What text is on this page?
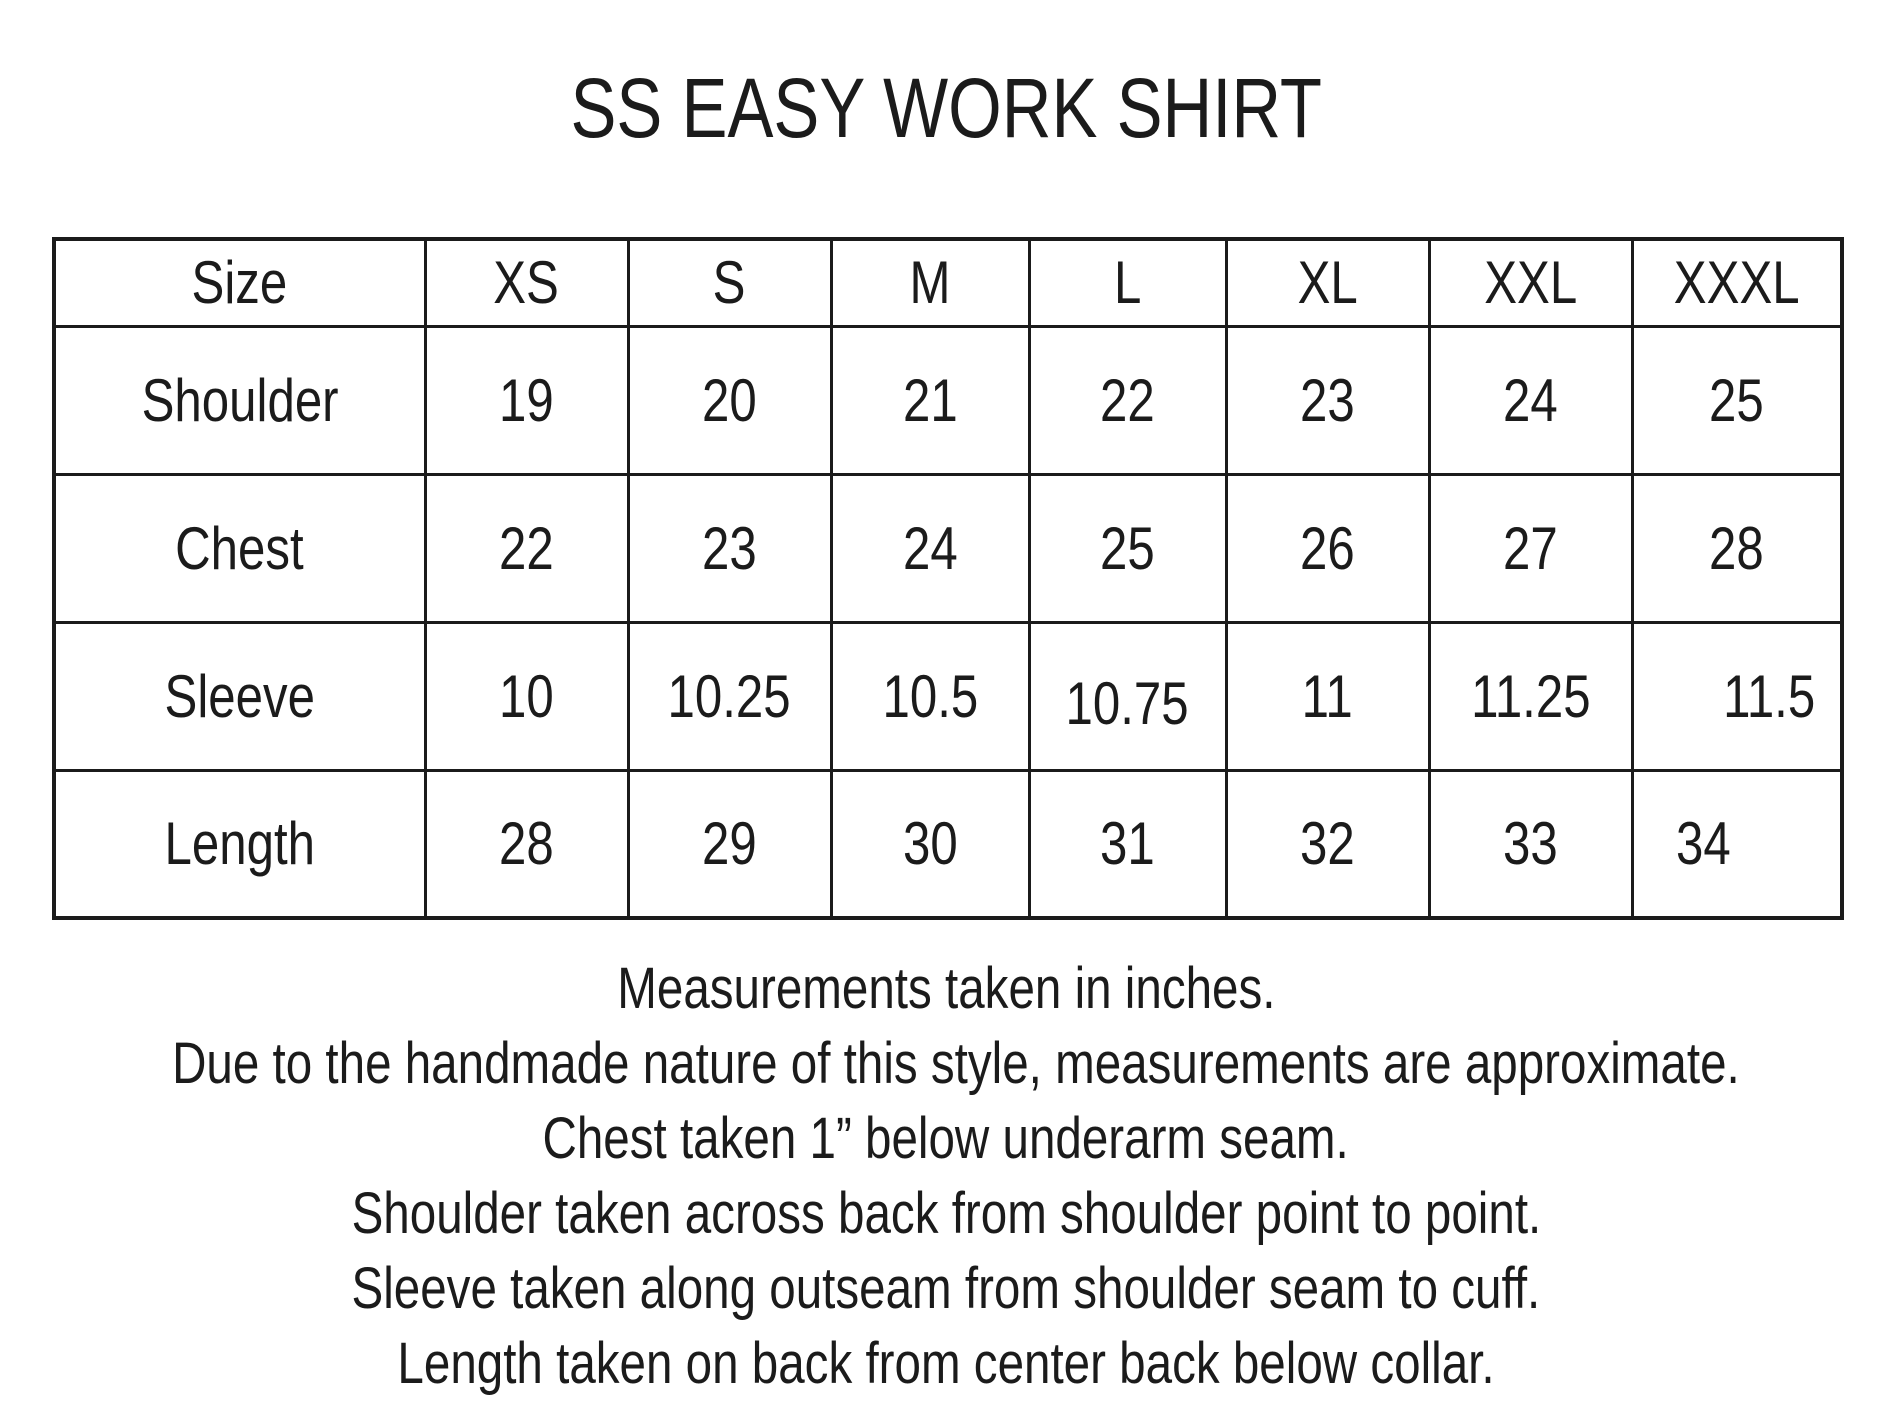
SS EASY WORK SHIRT
Size	XS	S	M	L	XL	XXL	XXXL
Shoulder	19	20	21	22	23	24	25
Chest	22	23	24	25	26	27	28
Sleeve	10	10.25	10.5	10.75	11	11.25	11.5
Length	28	29	30	31	32	33	34
Measurements taken in inches.
Due to the handmade nature of this style, measurements are approximate.
Chest taken 1” below underarm seam.
Shoulder taken across back from shoulder point to point.
Sleeve taken along outseam from shoulder seam to cuff.
Length taken on back from center back below collar.
